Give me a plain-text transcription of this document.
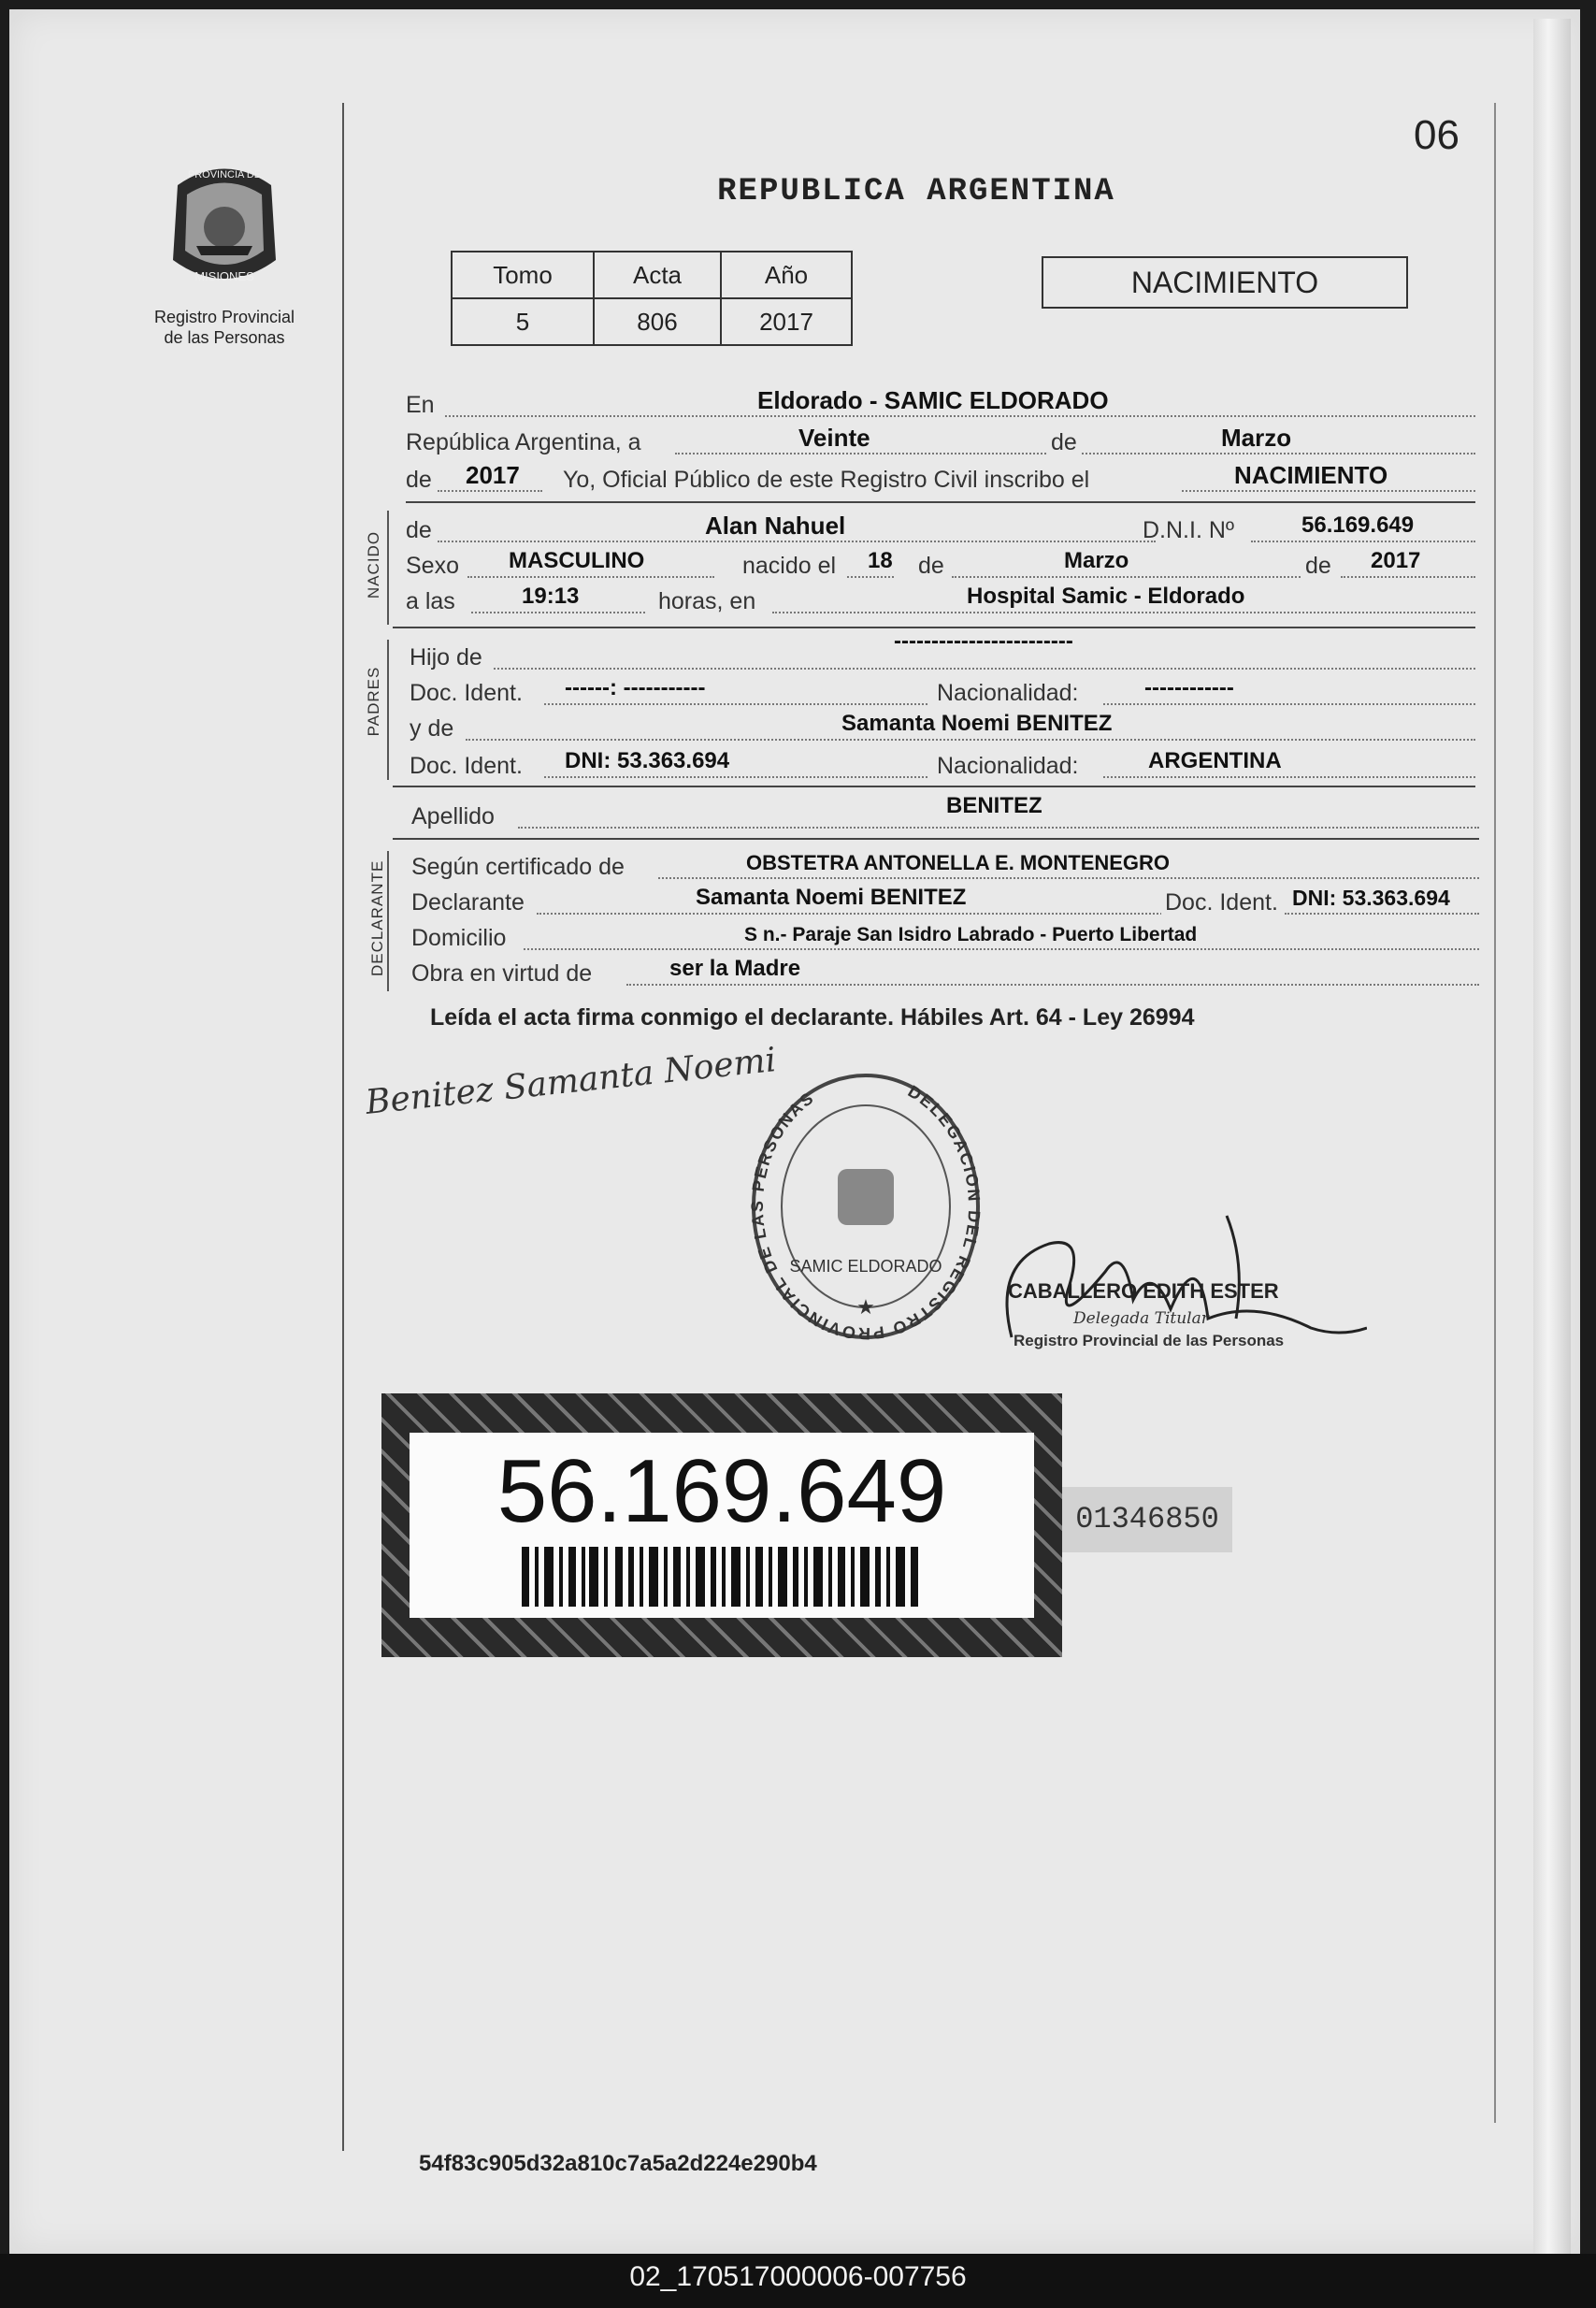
06
PROVINCIA DE
MISIONES
Registro Provincial
de las Personas
REPUBLICA ARGENTINA
Tomo	Acta	Año
5	806	2017
NACIMIENTO
En	Eldorado - SAMIC ELDORADO
República Argentina, a	Veinte	de	Marzo
de 2017 Yo, Oficial Público de este Registro Civil inscribo el	NACIMIENTO
NACIDO
de	Alan Nahuel	D.N.I. Nº	56.169.649
Sexo MASCULINO	nacido el 18 de	Marzo	de 2017
a las	19:13	horas, en	Hospital Samic - Eldorado
PADRES
Hijo de
------------------------
Doc. Ident. ------: -----------	Nacionalidad:	------------
y de	Samanta Noemi BENITEZ
Doc. Ident. DNI: 53.363.694	Nacionalidad:	ARGENTINA
Apellido	BENITEZ
DECLARANTE Según certificado de	OBSTETRA ANTONELLA E. MONTENEGRO
Declarante	Samanta Noemi BENITEZ	Doc. Ident. DNI: 53.363.694
Domicilio	S n.- Paraje San Isidro Labrado - Puerto Libertad
Obra en virtud de	ser la Madre
Leída el acta firma conmigo el declarante. Hábiles Art. 64 - Ley 26994
Benitez Samanta Noemi	DELEGACION DEL REGISTRO PROVINCIAL DE LAS PERSONAS
SAMIC ELDORADO
★
CABALLERO EDITH ESTER
Delegada Titular
Registro Provincial de las Personas
56.169.649	01346850
54f83c905d32a810c7a5a2d224e290b4
02_170517000006-007756
